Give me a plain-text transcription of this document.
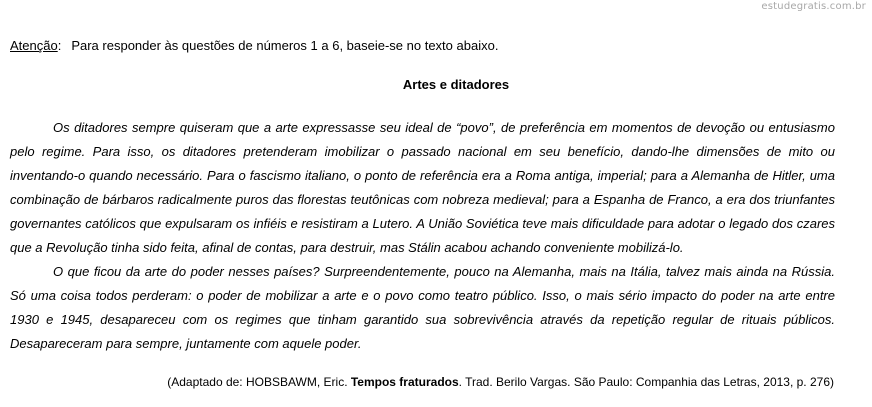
estudegratis.com.br
Atenção: Para responder às questões de números 1 a 6, baseie-se no texto abaixo.
Artes e ditadores

Os ditadores sempre quiseram que a arte expressasse seu ideal de “povo”, de preferência em momentos de devoção ou entusiasmo pelo regime. Para isso, os ditadores pretenderam imobilizar o passado nacional em seu benefício, dando-lhe dimensões de mito ou inventando-o quando necessário. Para o fascismo italiano, o ponto de referência era a Roma antiga, imperial; para a Alemanha de Hitler, uma combinação de bárbaros radicalmente puros das florestas teutônicas com nobreza medieval; para a Espanha de Franco, a era dos triunfantes governantes católicos que expulsaram os infiéis e resistiram a Lutero. A União Soviética teve mais dificuldade para adotar o legado dos czares que a Revolução tinha sido feita, afinal de contas, para destruir, mas Stálin acabou achando conveniente mobilizá-lo.

O que ficou da arte do poder nesses países? Surpreendentemente, pouco na Alemanha, mais na Itália, talvez mais ainda na Rússia. Só uma coisa todos perderam: o poder de mobilizar a arte e o povo como teatro público. Isso, o mais sério impacto do poder na arte entre 1930 e 1945, desapareceu com os regimes que tinham garantido sua sobrevivência através da repetição regular de rituais públicos. Desapareceram para sempre, juntamente com aquele poder.

(Adaptado de: HOBSBAWM, Eric. Tempos fraturados. Trad. Berilo Vargas. São Paulo: Companhia das Letras, 2013, p. 276)
